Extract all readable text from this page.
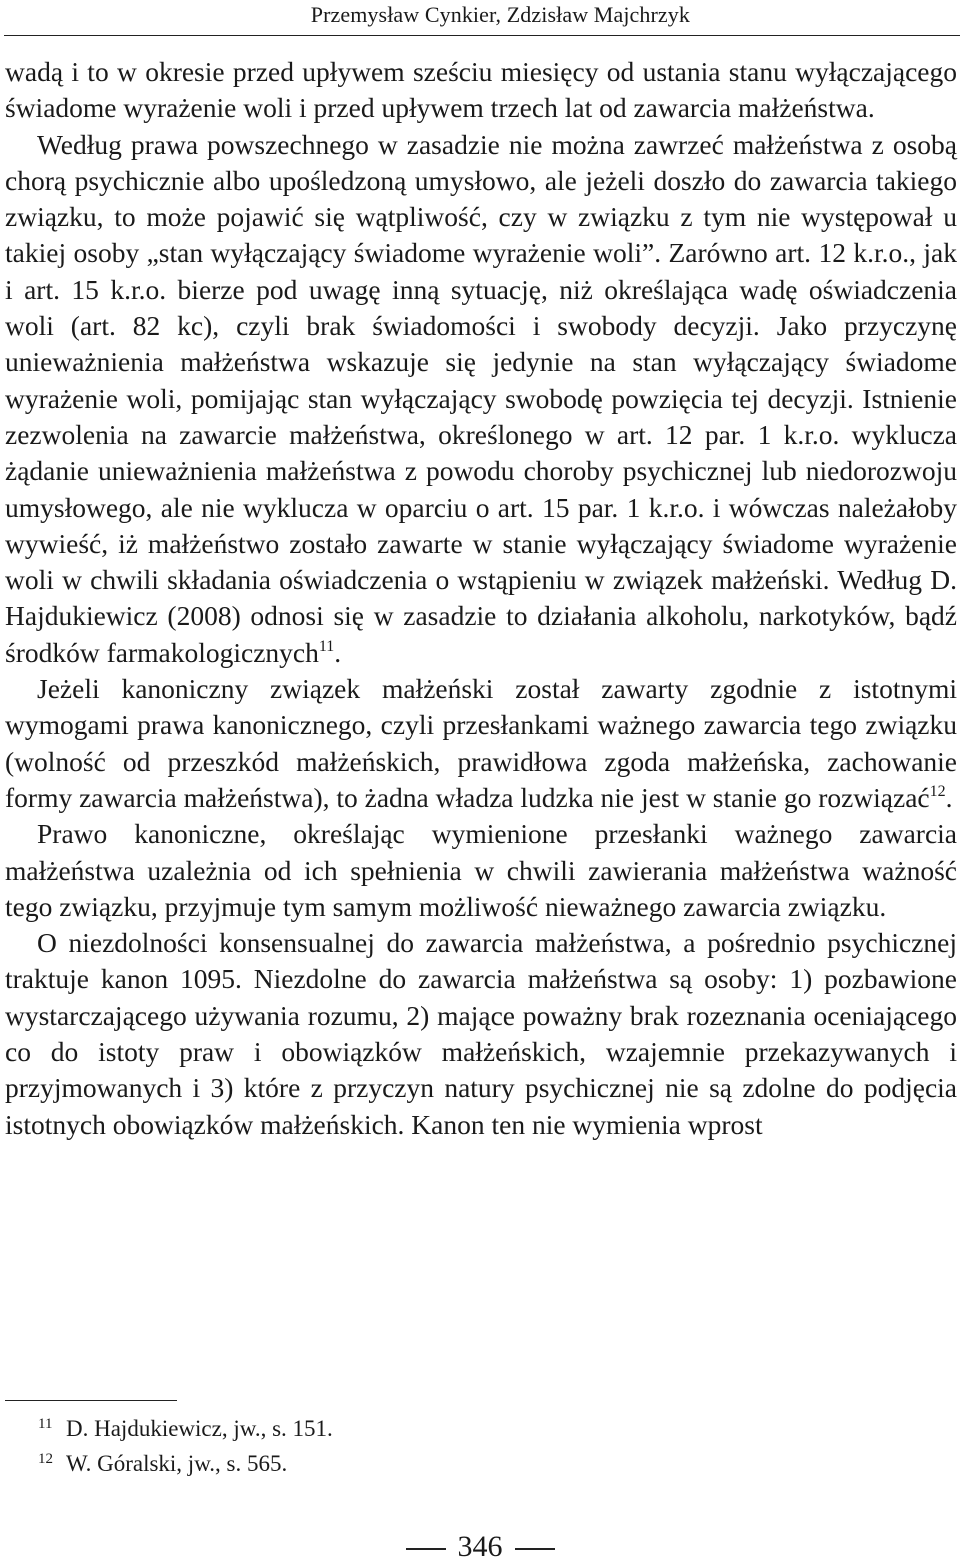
Przemysław Cynkier, Zdzisław Majchrzyk

wadą i to w okresie przed upływem sześciu miesięcy od ustania stanu wyłączającego świadome wyrażenie woli i przed upływem trzech lat od zawarcia małżeństwa.

Według prawa powszechnego w zasadzie nie można zawrzeć małżeństwa z osobą chorą psychicznie albo upośledzoną umysłowo, ale jeżeli doszło do zawarcia takiego związku, to może pojawić się wątpliwość, czy w związku z tym nie występował u takiej osoby „stan wyłączający świadome wyrażenie woli”. Zarówno art. 12 k.r.o., jak i art. 15 k.r.o. bierze pod uwagę inną sytuację, niż określająca wadę oświadczenia woli (art. 82 kc), czyli brak świadomości i swobody decyzji. Jako przyczynę unieważnienia małżeństwa wskazuje się jedynie na stan wyłączający świadome wyrażenie woli, pomijając stan wyłączający swobodę powzięcia tej decyzji. Istnienie zezwolenia na zawarcie małżeństwa, określonego w art. 12 par. 1 k.r.o. wyklucza żądanie unieważnienia małżeństwa z powodu choroby psychicznej lub niedorozwoju umysłowego, ale nie wyklucza w oparciu o art. 15 par. 1 k.r.o. i wówczas należałoby wywieść, iż małżeństwo zostało zawarte w stanie wyłączający świadome wyrażenie woli w chwili składania oświadczenia o wstąpieniu w związek małżeński. Według D. Hajdukiewicz (2008) odnosi się w zasadzie to działania alkoholu, narkotyków, bądź środków farmakologicznych$^{11}$.

Jeżeli kanoniczny związek małżeński został zawarty zgodnie z istotnymi wymogami prawa kanonicznego, czyli przesłankami ważnego zawarcia tego związku (wolność od przeszkód małżeńskich, prawidłowa zgoda małżeńska, zachowanie formy zawarcia małżeństwa), to żadna władza ludzka nie jest w stanie go rozwiązać$^{12}$.

Prawo kanoniczne, określając wymienione przesłanki ważnego zawarcia małżeństwa uzależnia od ich spełnienia w chwili zawierania małżeństwa ważność tego związku, przyjmuje tym samym możliwość nieważnego zawarcia związku.

O niezdolności konsensualnej do zawarcia małżeństwa, a pośrednio psychicznej traktuje kanon 1095. Niezdolne do zawarcia małżeństwa są osoby: 1) pozbawione wystarczającego używania rozumu, 2) mające poważny brak rozeznania oceniającego co do istoty praw i obowiązków małżeńskich, wzajemnie przekazywanych i przyjmowanych i 3) które z przyczyn natury psychicznej nie są zdolne do podjęcia istotnych obowiązków małżeńskich. Kanon ten nie wymienia wprost

11 D. Hajdukiewicz, jw., s. 151.
12 W. Góralski, jw., s. 565.
346
